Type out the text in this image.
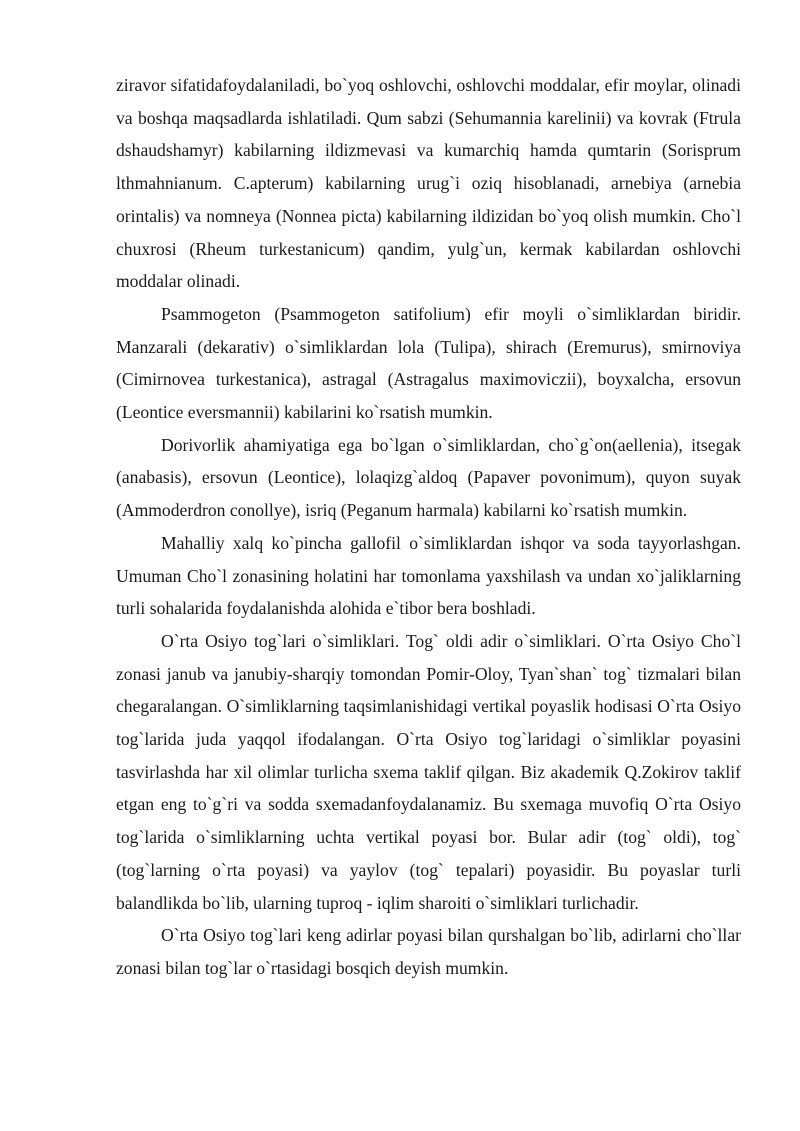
ziravor sifatidafoydalaniladi, bo`yoq oshlovchi, oshlovchi moddalar, efir moylar, olinadi va boshqa maqsadlarda ishlatiladi. Qum sabzi (Sehumannia karelinii) va kovrak (Ftrula dshaudshamyr) kabilarning ildizmevasi va kumarchiq hamda qumtarin (Sorisprum lthmahnianum. C.apterum) kabilarning urug`i oziq hisoblanadi, arnebiya (arnebia orintalis) va nomneya (Nonnea picta) kabilarning ildizidan bo`yoq olish mumkin. Cho`l chuxrosi (Rheum turkestanicum) qandim, yulg`un, kermak kabilardan oshlovchi moddalar olinadi.

Psammogeton (Psammogeton satifolium) efir moyli o`simliklardan biridir. Manzarali (dekarativ) o`simliklardan lola (Tulipa), shirach (Eremurus), smirnoviya (Cimirnovea turkestanica), astragal (Astragalus maximoviczii), boyxalcha, ersovun (Leontice eversmannii) kabilarini ko`rsatish mumkin.

Dorivorlik ahamiyatiga ega bo`lgan o`simliklardan, cho`g`on(aellenia), itsegak (anabasis), ersovun (Leontice), lolaqizg`aldoq (Papaver povonimum), quyon suyak (Ammoderdron conollye), isriq (Peganum harmala) kabilarni ko`rsatish mumkin.

Mahalliy xalq ko`pincha gallofil o`simliklardan ishqor va soda tayyorlashgan. Umuman Cho`l zonasining holatini har tomonlama yaxshilash va undan xo`jaliklarning turli sohalarida foydalanishda alohida e`tibor bera boshladi.

O`rta Osiyo tog`lari o`simliklari. Tog` oldi adir o`simliklari. O`rta Osiyo Cho`l zonasi janub va janubiy-sharqiy tomondan Pomir-Oloy, Tyan`shan` tog` tizmalari bilan chegaralangan. O`simliklarning taqsimlanishidagi vertikal poyaslik hodisasi O`rta Osiyo tog`larida juda yaqqol ifodalangan. O`rta Osiyo tog`laridagi o`simliklar poyasini tasvirlashda har xil olimlar turlicha sxema taklif qilgan. Biz akademik Q.Zokirov taklif etgan eng to`g`ri va sodda sxemadanfoydalanamiz. Bu sxemaga muvofiq O`rta Osiyo tog`larida o`simliklarning uchta vertikal poyasi bor. Bular adir (tog` oldi), tog` (tog`larning o`rta poyasi) va yaylov (tog` tepalari) poyasidir. Bu poyaslar turli balandlikda bo`lib, ularning tuproq - iqlim sharoiti o`simliklari turlichadir.

O`rta Osiyo tog`lari keng adirlar poyasi bilan qurshalgan bo`lib, adirlarni cho`llar zonasi bilan tog`lar o`rtasidagi bosqich deyish mumkin.
